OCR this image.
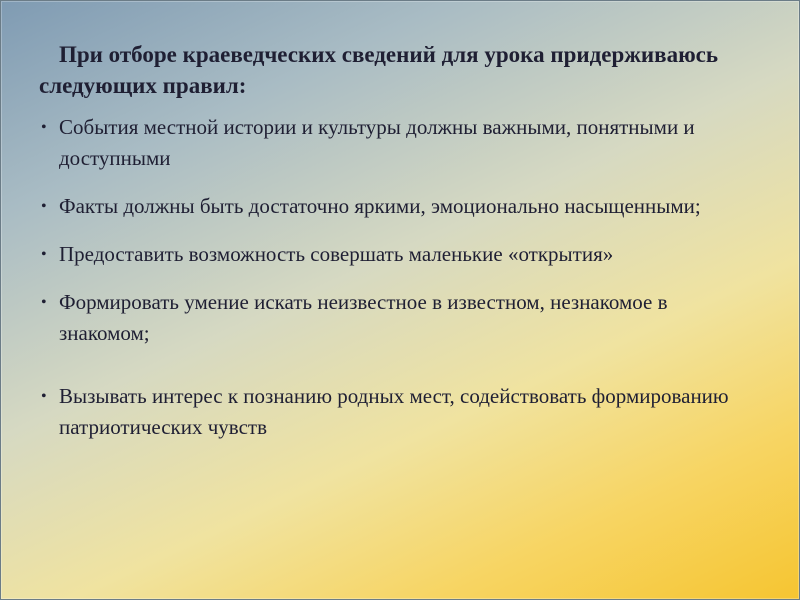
При отборе краеведческих сведений для урока придерживаюсь следующих правил:
• События местной истории и культуры должны важными, понятными и доступными
• Факты должны быть достаточно яркими, эмоционально насыщенными;
• Предоставить возможность совершать маленькие «открытия»
• Формировать умение искать неизвестное в известном, незнакомое в знакомом;
• Вызывать интерес к познанию родных мест, содействовать формированию патриотических чувств
